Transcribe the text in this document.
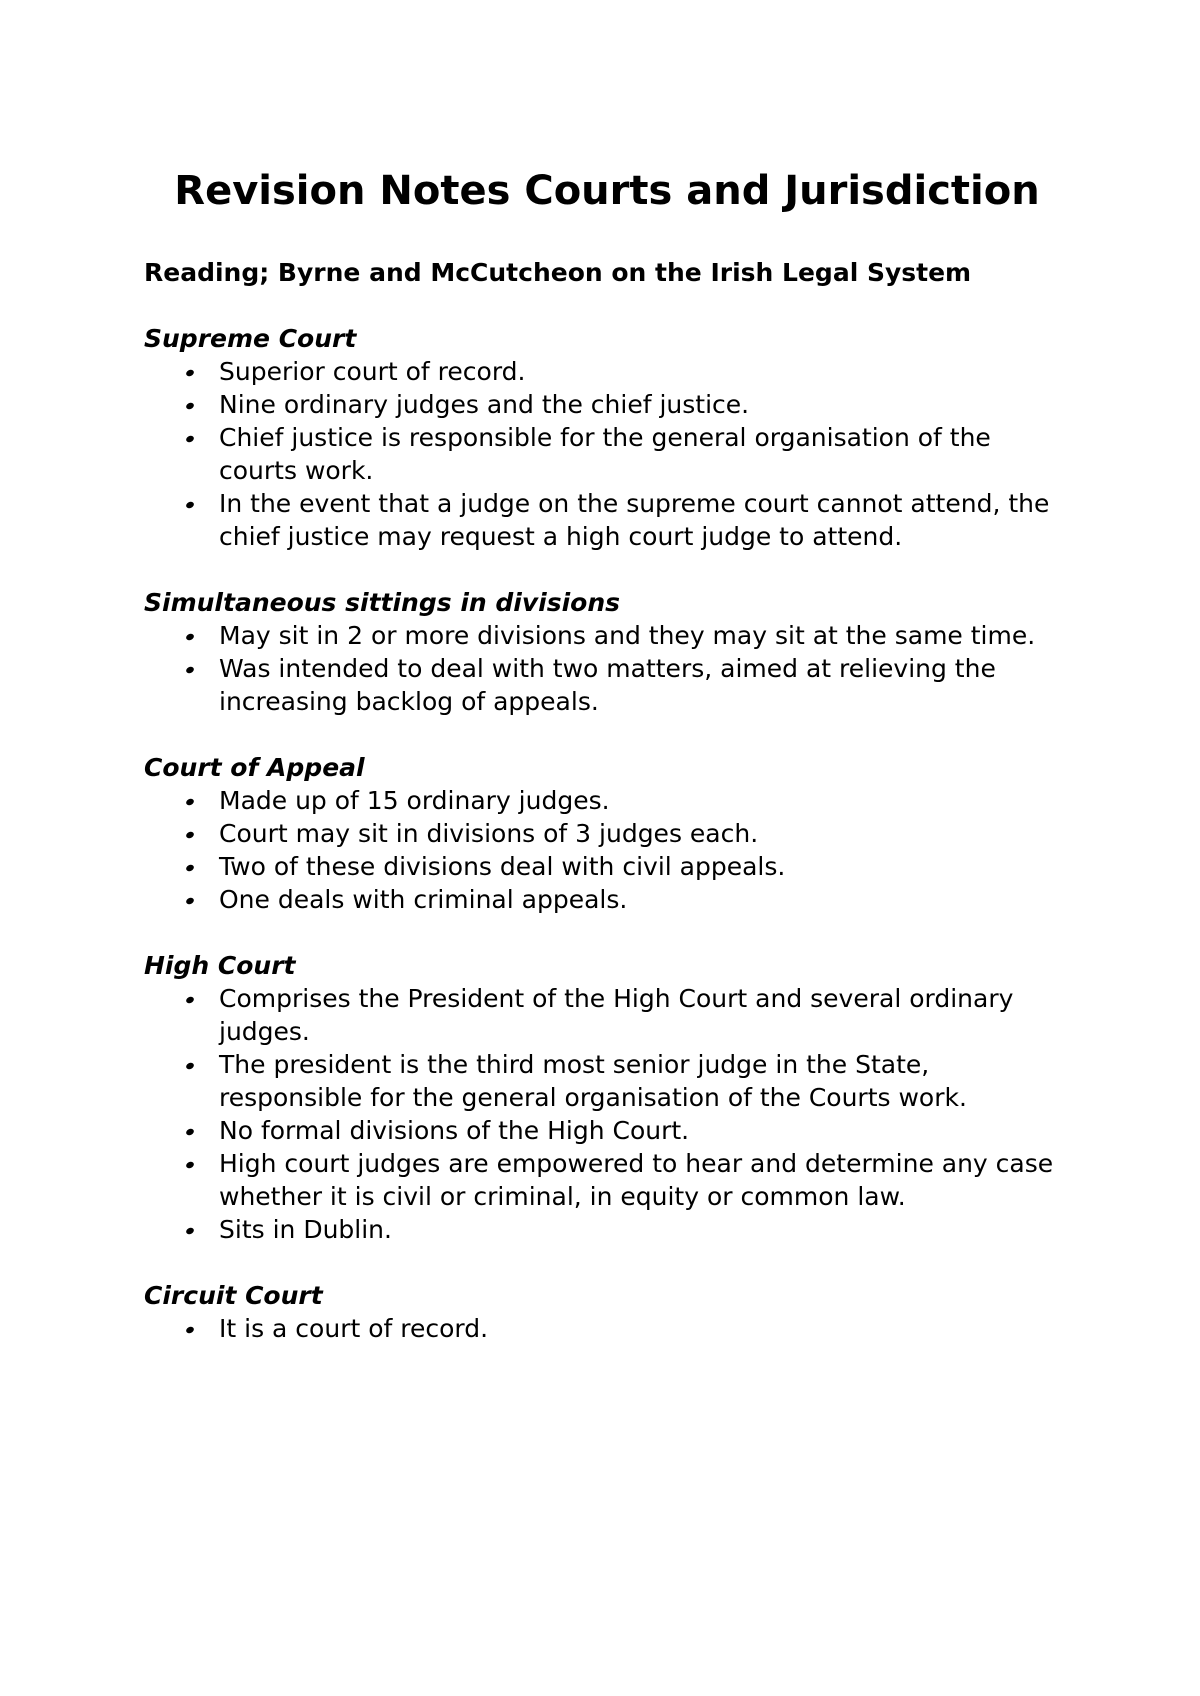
Revision Notes Courts and Jurisdiction
Reading; Byrne and McCutcheon on the Irish Legal System
Supreme Court
Superior court of record.
Nine ordinary judges and the chief justice.
Chief justice is responsible for the general organisation of the courts work.
In the event that a judge on the supreme court cannot attend, the chief justice may request a high court judge to attend.
Simultaneous sittings in divisions
May sit in 2 or more divisions and they may sit at the same time.
Was intended to deal with two matters, aimed at relieving the increasing backlog of appeals.
Court of Appeal
Made up of 15 ordinary judges.
Court may sit in divisions of 3 judges each.
Two of these divisions deal with civil appeals.
One deals with criminal appeals.
High Court
Comprises the President of the High Court and several ordinary judges.
The president is the third most senior judge in the State, responsible for the general organisation of the Courts work.
No formal divisions of the High Court.
High court judges are empowered to hear and determine any case whether it is civil or criminal, in equity or common law.
Sits in Dublin.
Circuit Court
It is a court of record.
